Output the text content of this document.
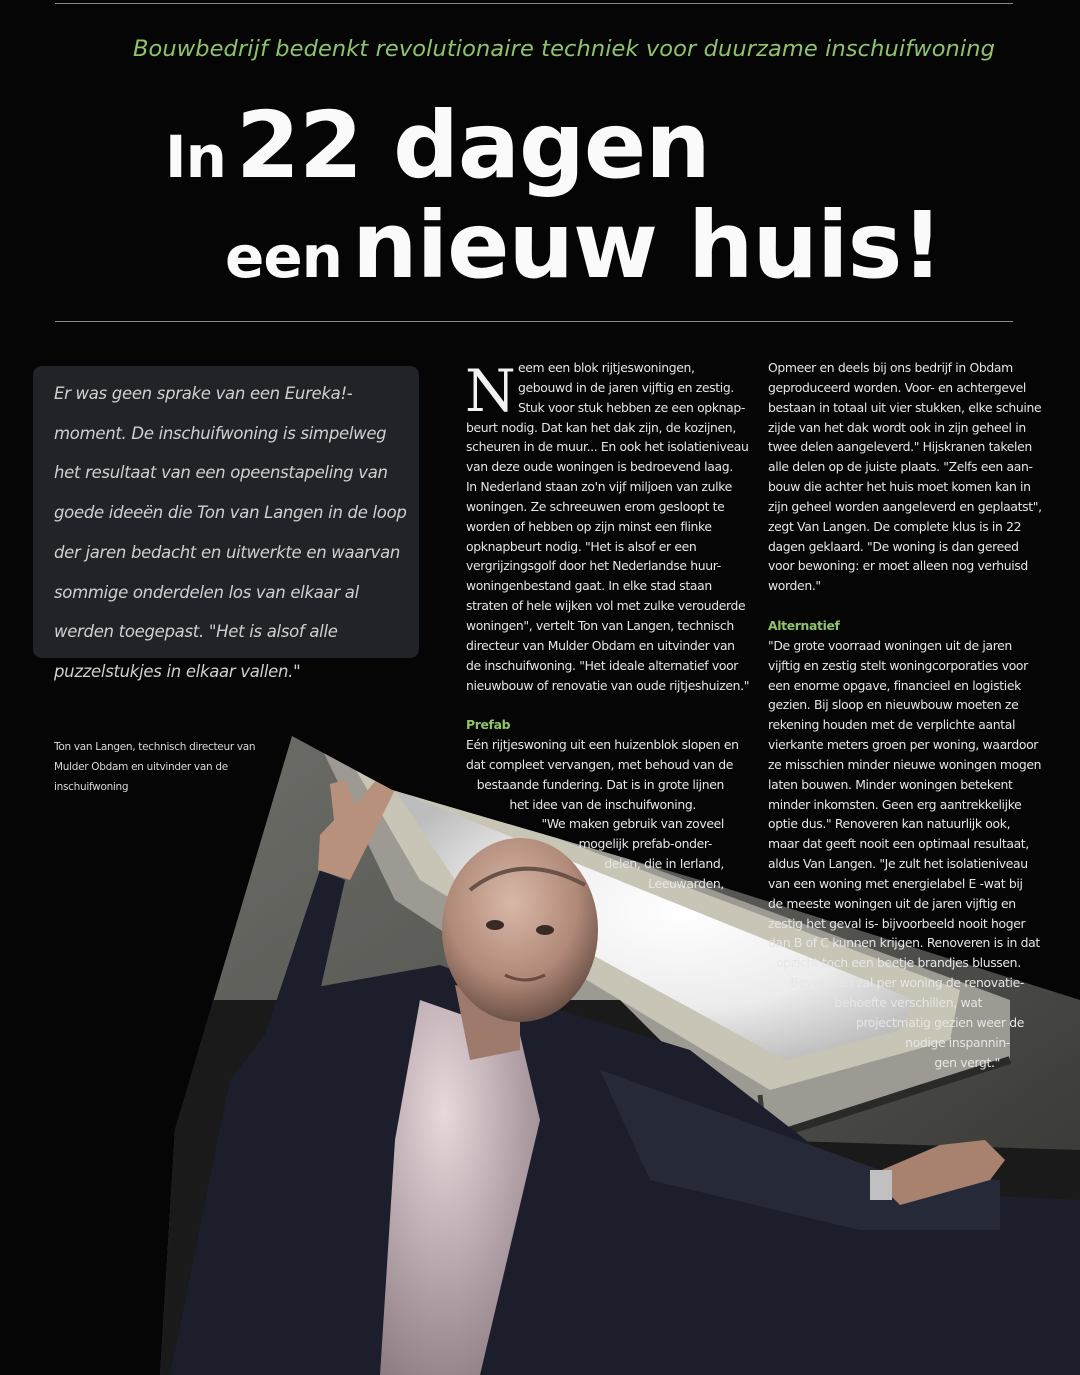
Bouwbedrijf bedenkt revolutionaire techniek voor duurzame inschuifwoning
In 22 dagen
een nieuw huis!

Er was geen sprake van een Eureka!-moment. De inschuifwoning is simpelweg het resultaat van een opeenstapeling van goede ideeën die Ton van Langen in de loop der jaren bedacht en uitwerkte en waarvan sommige onderdelen los van elkaar al werden toegepast. "Het is alsof alle puzzelstukjes in elkaar vallen."

Ton van Langen, technisch directeur van Mulder Obdam en uitvinder van de inschuifwoning
N eem een blok rijtjeswoningen,
gebouwd in de jaren vijftig en zestig.
Stuk voor stuk hebben ze een opknap-
beurt nodig. Dat kan het dak zijn, de kozijnen,
scheuren in de muur... En ook het isolatieniveau
van deze oude woningen is bedroevend laag.
In Nederland staan zo'n vijf miljoen van zulke
woningen. Ze schreeuwen erom gesloopt te
worden of hebben op zijn minst een flinke
opknapbeurt nodig. "Het is alsof er een
vergrijzingsgolf door het Nederlandse huur-
woningenbestand gaat. In elke stad staan
straten of hele wijken vol met zulke verouderde
woningen", vertelt Ton van Langen, technisch
directeur van Mulder Obdam en uitvinder van
de inschuifwoning. "Het ideale alternatief voor
nieuwbouw of renovatie van oude rijtjeshuizen."
Prefab
Eén rijtjeswoning uit een huizenblok slopen en
dat compleet vervangen, met behoud van de
bestaande fundering. Dat is in grote lijnen
het idee van de inschuifwoning.
"We maken gebruik van zoveel
mogelijk prefab-onder-
delen, die in Ierland,
Leeuwarden,
Opmeer en deels bij ons bedrijf in Obdam
geproduceerd worden. Voor- en achtergevel
bestaan in totaal uit vier stukken, elke schuine
zijde van het dak wordt ook in zijn geheel in
twee delen aangeleverd." Hijskranen takelen
alle delen op de juiste plaats. "Zelfs een aan-
bouw die achter het huis moet komen kan in
zijn geheel worden aangeleverd en geplaatst",
zegt Van Langen. De complete klus is in 22
dagen geklaard. "De woning is dan gereed
voor bewoning: er moet alleen nog verhuisd
worden."
Alternatief
"De grote voorraad woningen uit de jaren
vijftig en zestig stelt woningcorporaties voor
een enorme opgave, financieel en logistiek
gezien. Bij sloop en nieuwbouw moeten ze
rekening houden met de verplichte aantal
vierkante meters groen per woning, waardoor
ze misschien minder nieuwe woningen mogen
laten bouwen. Minder woningen betekent
minder inkomsten. Geen erg aantrekkelijke
optie dus." Renoveren kan natuurlijk ook,
maar dat geeft nooit een optimaal resultaat,
aldus Van Langen. "Je zult het isolatieniveau
van een woning met energielabel E -wat bij
de meeste woningen uit de jaren vijftig en
zestig het geval is- bijvoorbeeld nooit hoger
dan B of C kunnen krijgen. Renoveren is in dat
opzicht toch een beetje brandjes blussen.
Bovendien zal per woning de renovatie-
behoefte verschillen, wat
projectmatig gezien weer de
nodige inspannin-
gen vergt."
